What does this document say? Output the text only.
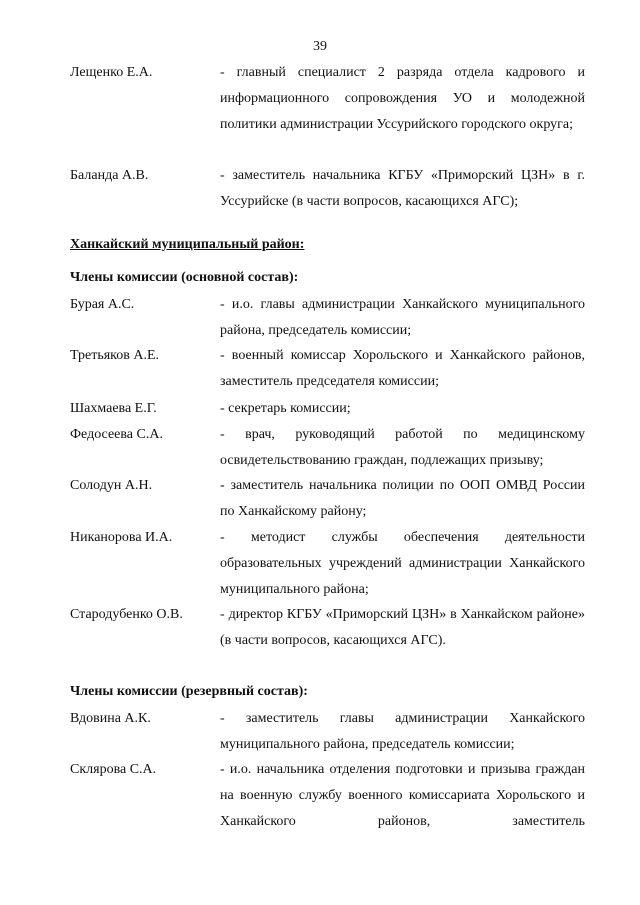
39
Лещенко Е.А.	- главный специалист 2 разряда отдела кадрового и информационного сопровождения УО и молодежной политики администрации Уссурийского городского округа;
Баланда А.В.	- заместитель начальника КГБУ «Приморский ЦЗН» в г. Уссурийске (в части вопросов, касающихся АГС);
Ханкайский муниципальный район:
Члены комиссии (основной состав):
Бурая А.С.	- и.о. главы администрации Ханкайского муниципального района, председатель комиссии;
Третьяков А.Е.	- военный комиссар Хорольского и Ханкайского районов, заместитель председателя комиссии;
Шахмаева Е.Г.	- секретарь комиссии;
Федосеева С.А.	- врач, руководящий работой по медицинскому освидетельствованию граждан, подлежащих призыву;
Солодун А.Н.	- заместитель начальника полиции по ООП ОМВД России по Ханкайскому району;
Никанорова И.А.	- методист службы обеспечения деятельности образовательных учреждений администрации Ханкайского муниципального района;
Стародубенко О.В.	- директор КГБУ «Приморский ЦЗН» в Ханкайском районе» (в части вопросов, касающихся АГС).
Члены комиссии (резервный состав):
Вдовина А.К.	- заместитель главы администрации Ханкайского муниципального района, председатель комиссии;
Склярова С.А.	- и.о. начальника отделения подготовки и призыва граждан на военную службу военного комиссариата Хорольского и Ханкайского районов, заместитель
